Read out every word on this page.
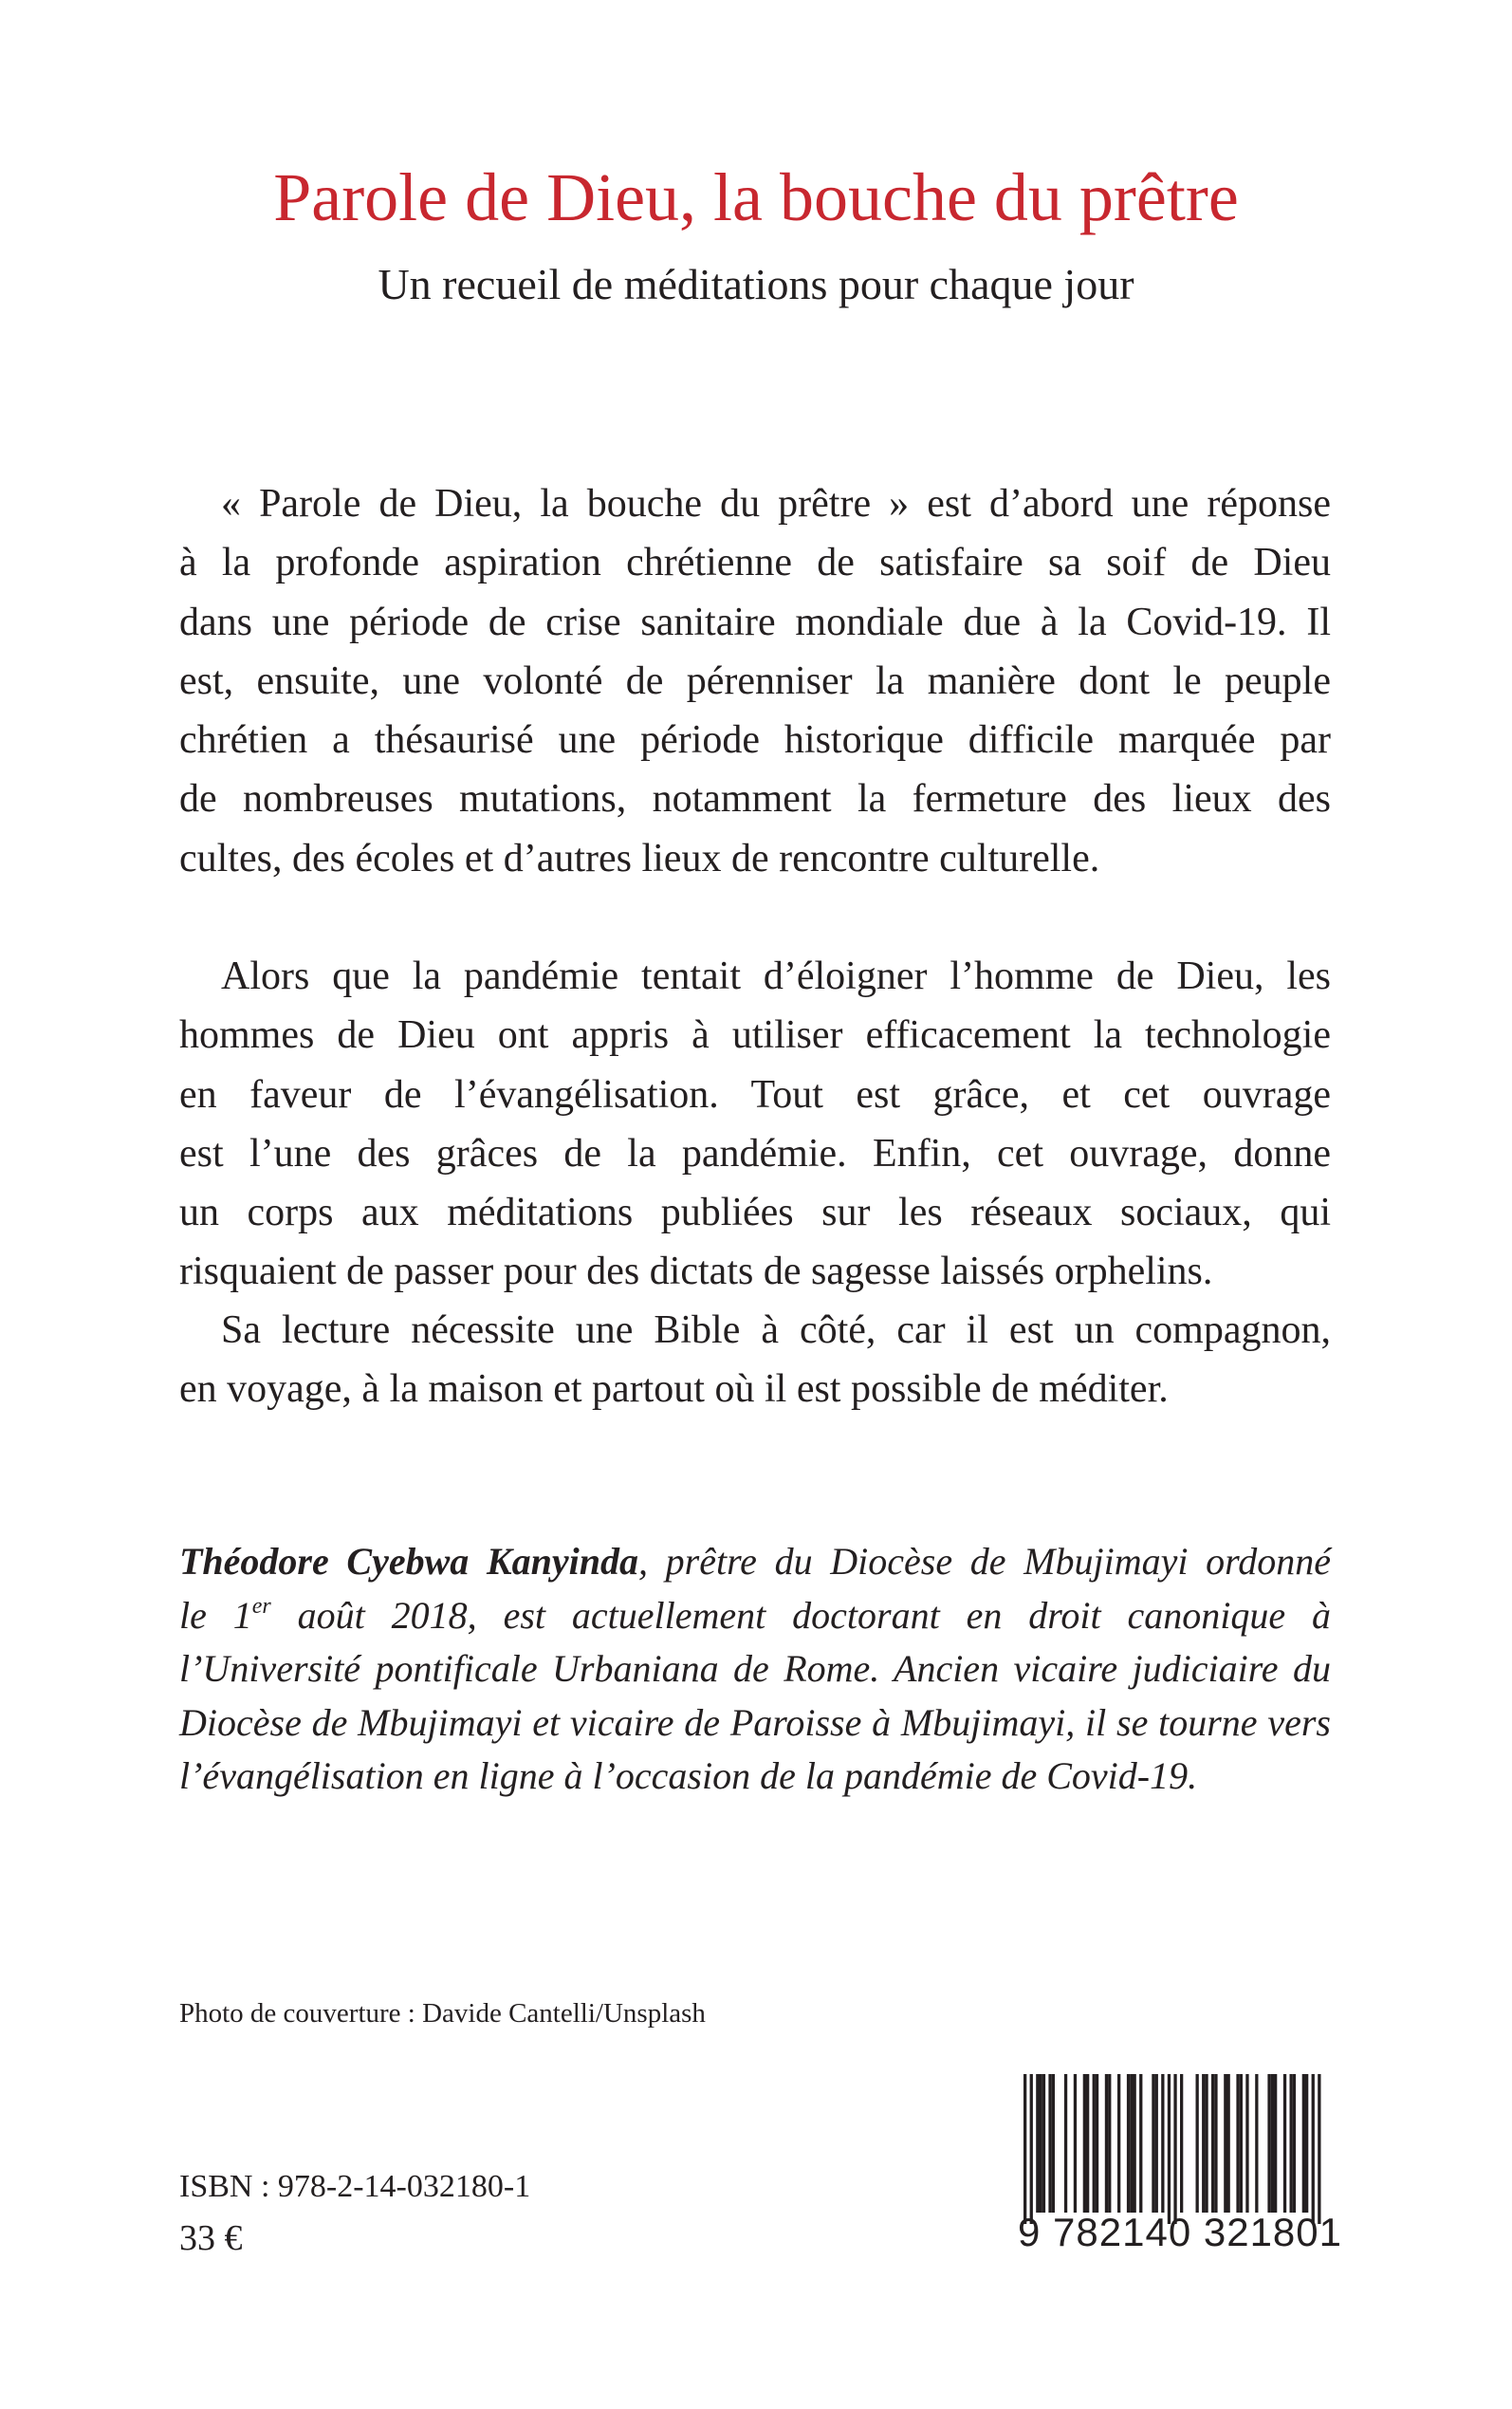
Parole de Dieu, la bouche du prêtre
Un recueil de méditations pour chaque jour
« Parole de Dieu, la bouche du prêtre » est d’abord une réponse
à la profonde aspiration chrétienne de satisfaire sa soif de Dieu
dans une période de crise sanitaire mondiale due à la Covid-19. Il
est, ensuite, une volonté de pérenniser la manière dont le peuple
chrétien a thésaurisé une période historique difficile marquée par
de nombreuses mutations, notamment la fermeture des lieux des
cultes, des écoles et d’autres lieux de rencontre culturelle.
Alors que la pandémie tentait d’éloigner l’homme de Dieu, les
hommes de Dieu ont appris à utiliser efficacement la technologie
en faveur de l’évangélisation. Tout est grâce, et cet ouvrage
est l’une des grâces de la pandémie. Enfin, cet ouvrage, donne
un corps aux méditations publiées sur les réseaux sociaux, qui
risquaient de passer pour des dictats de sagesse laissés orphelins.
Sa lecture nécessite une Bible à côté, car il est un compagnon,
en voyage, à la maison et partout où il est possible de méditer.
Théodore Cyebwa Kanyinda, prêtre du Diocèse de Mbujimayi ordonné
le 1er août 2018, est actuellement doctorant en droit canonique à
l’Université pontificale Urbaniana de Rome. Ancien vicaire judiciaire du
Diocèse de Mbujimayi et vicaire de Paroisse à Mbujimayi, il se tourne vers
l’évangélisation en ligne à l’occasion de la pandémie de Covid-19.
Photo de couverture : Davide Cantelli/Unsplash
ISBN : 978-2-14-032180-1
33 €	9 782140 321801
